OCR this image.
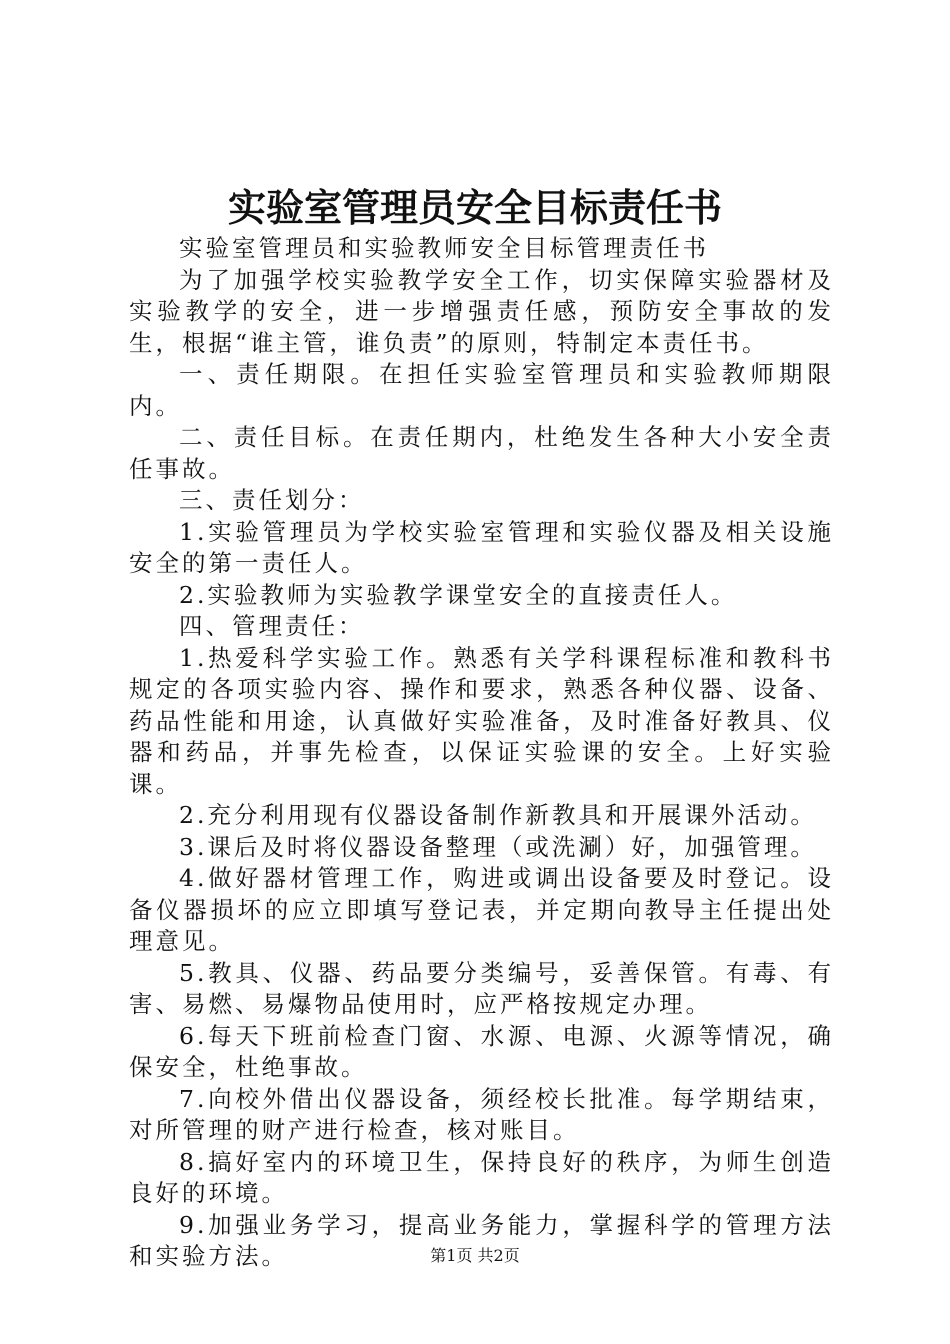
实验室管理员安全目标责任书

实验室管理员和实验教师安全目标管理责任书

为了加强学校实验教学安全工作，切实保障实验器材及实验教学的安全，进一步增强责任感，预防安全事故的发生，根据“谁主管，谁负责”的原则，特制定本责任书。

一、责任期限。在担任实验室管理员和实验教师期限内。

二、责任目标。在责任期内，杜绝发生各种大小安全责任事故。

三、责任划分：

1.实验管理员为学校实验室管理和实验仪器及相关设施安全的第一责任人。

2.实验教师为实验教学课堂安全的直接责任人。

四、管理责任：

1.热爱科学实验工作。熟悉有关学科课程标准和教科书规定的各项实验内容、操作和要求，熟悉各种仪器、设备、药品性能和用途，认真做好实验准备，及时准备好教具、仪器和药品，并事先检查，以保证实验课的安全。上好实验课。

2.充分利用现有仪器设备制作新教具和开展课外活动。

3.课后及时将仪器设备整理（或洗涮）好，加强管理。

4.做好器材管理工作，购进或调出设备要及时登记。设备仪器损坏的应立即填写登记表，并定期向教导主任提出处理意见。

5.教具、仪器、药品要分类编号，妥善保管。有毒、有害、易燃、易爆物品使用时，应严格按规定办理。

6.每天下班前检查门窗、水源、电源、火源等情况，确保安全，杜绝事故。

7.向校外借出仪器设备，须经校长批准。每学期结束，对所管理的财产进行检查，核对账目。

8.搞好室内的环境卫生，保持良好的秩序，为师生创造良好的环境。

9.加强业务学习，提高业务能力，掌握科学的管理方法和实验方法。	第1页 共2页
